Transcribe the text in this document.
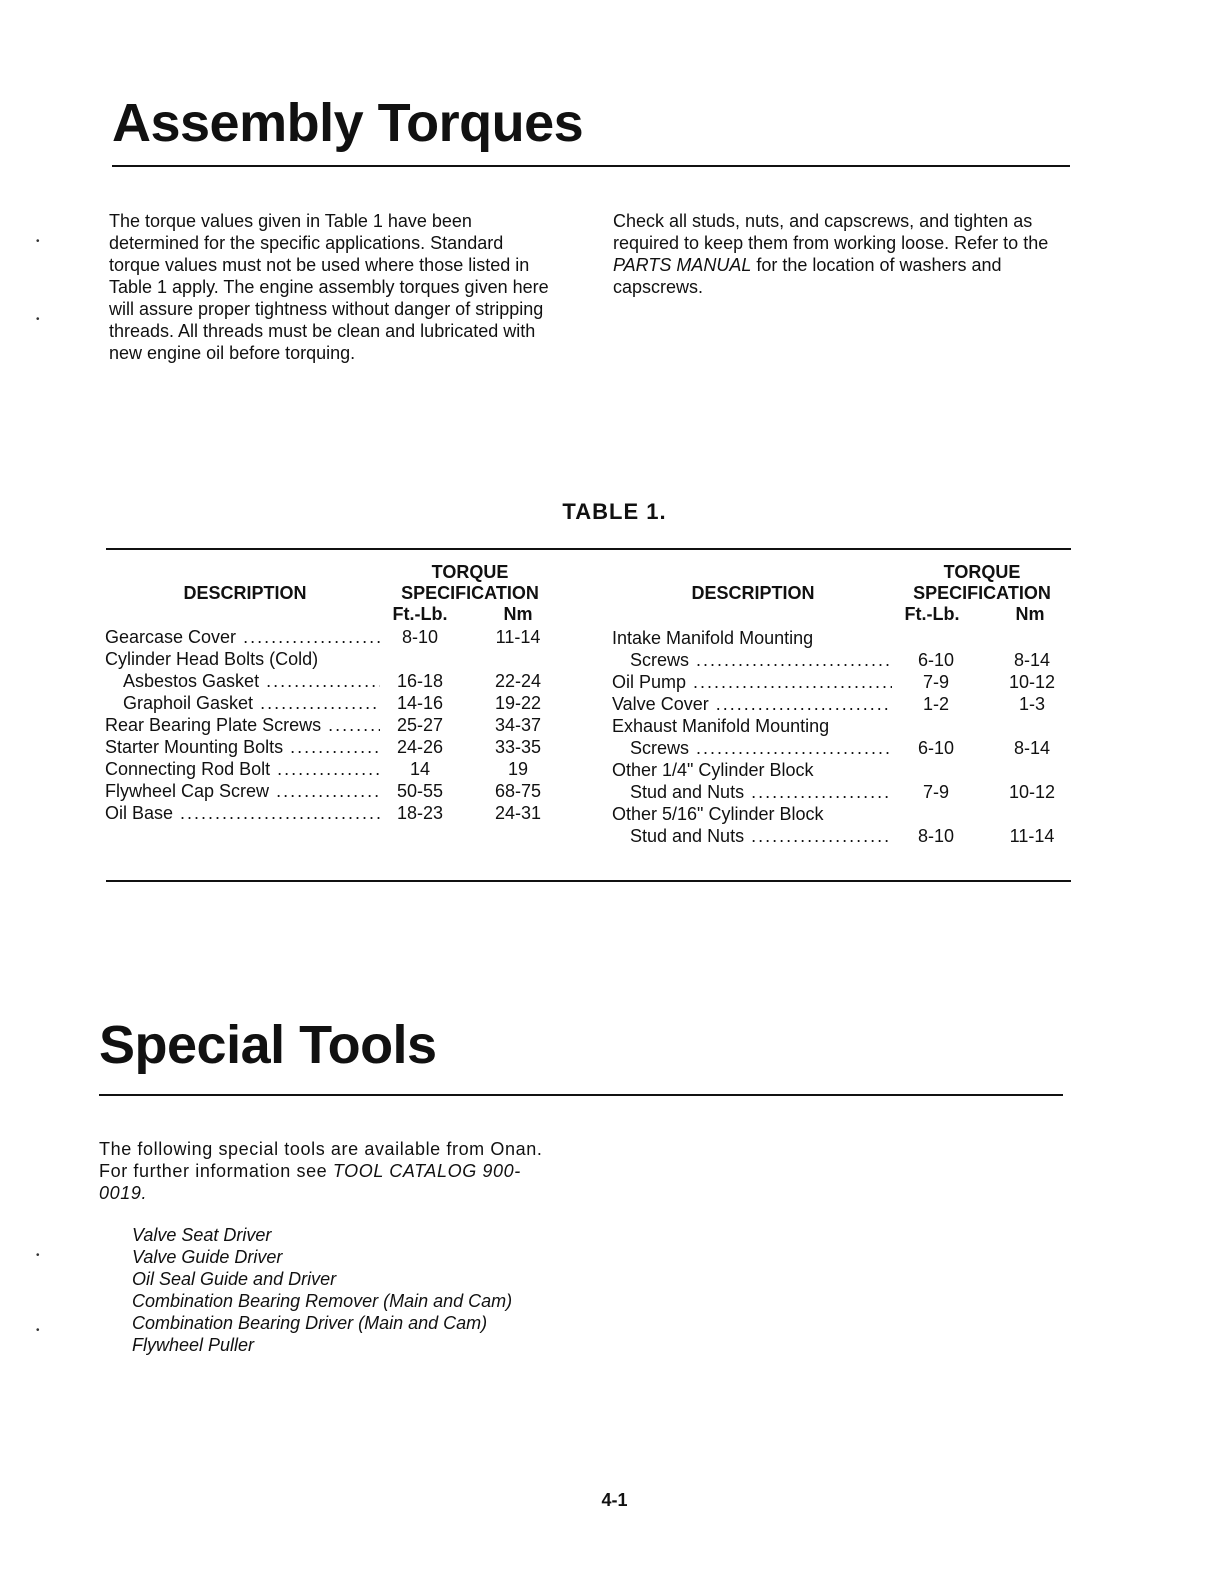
Assembly Torques

The torque values given in Table 1 have been determined for the specific applications. Standard torque values must not be used where those listed in Table 1 apply. The engine assembly torques given here will assure proper tightness without danger of stripping threads. All threads must be clean and lubricated with new engine oil before torquing.

Check all studs, nuts, and capscrews, and tighten as required to keep them from working loose. Refer to the PARTS MANUAL for the location of washers and capscrews.

TABLE 1.
DESCRIPTION
TORQUE
SPECIFICATION
Ft.-Lb.	Nm
DESCRIPTION
TORQUE
SPECIFICATION
Ft.-Lb.	Nm
Gearcase Cover .....	8-10	11-14
Cylinder Head Bolts (Cold)
Asbestos Gasket .....	16-18	22-24
Graphoil Gasket .....	14-16	19-22
Rear Bearing Plate Screws .....	25-27	34-37
Starter Mounting Bolts .....	24-26	33-35
Connecting Rod Bolt .....	14	19
Flywheel Cap Screw .....	50-55	68-75
Oil Base .....	18-23	24-31
Intake Manifold Mounting
Screws .....	6-10	8-14
Oil Pump .....	7-9	10-12
Valve Cover .....	1-2	1-3
Exhaust Manifold Mounting
Screws .....	6-10	8-14
Other 1/4" Cylinder Block
Stud and Nuts .....	7-9	10-12
Other 5/16" Cylinder Block
Stud and Nuts .....	8-10	11-14
Special Tools

The following special tools are available from Onan. For further information see TOOL CATALOG 900-0019.

Valve Seat Driver
Valve Guide Driver
Oil Seal Guide and Driver
Combination Bearing Remover (Main and Cam)
Combination Bearing Driver (Main and Cam)
Flywheel Puller
4-1
•
•
•
•
